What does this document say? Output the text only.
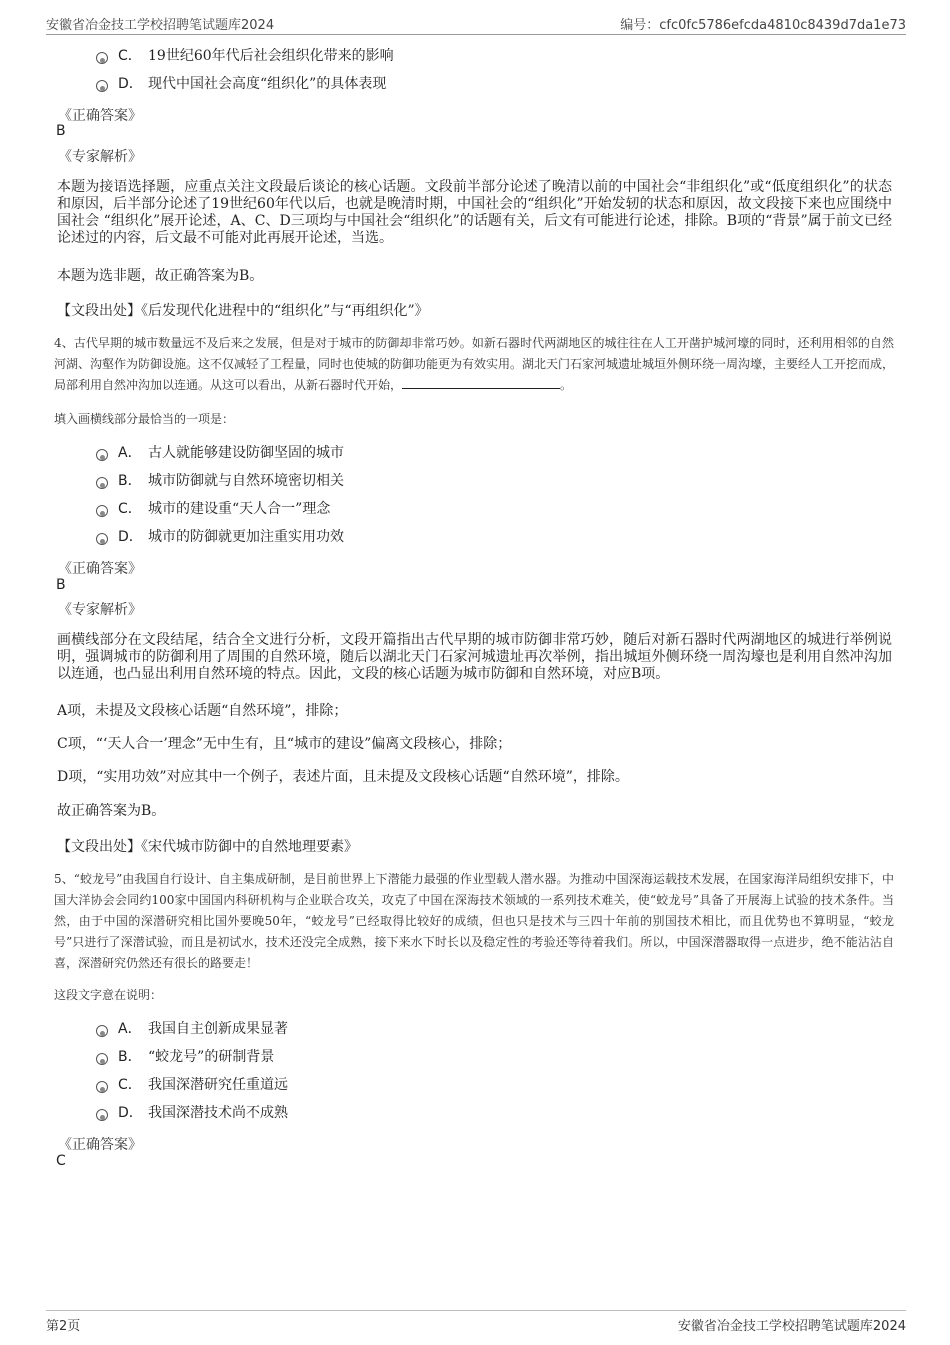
安徽省冶金技工学校招聘笔试题库2024	编号：cfc0fc5786efcda4810c8439d7da1e73
C． 19世纪60年代后社会组织化带来的影响
D． 现代中国社会高度“组织化”的具体表现
《正确答案》
B
《专家解析》
本题为接语选择题，应重点关注文段最后谈论的核心话题。文段前半部分论述了晚清以前的中国社会“非组织化”或“低度组织化”的状态和原因，后半部分论述了19世纪60年代以后，也就是晚清时期，中国社会的“组织化”开始发轫的状态和原因，故文段接下来也应围绕中国社会 “组织化”展开论述，A、C、D三项均与中国社会“组织化”的话题有关，后文有可能进行论述，排除。B项的“背景”属于前文已经论述过的内容，后文最不可能对此再展开论述，当选。
本题为选非题，故正确答案为B。
【文段出处】《后发现代化进程中的“组织化”与“再组织化”》
4、古代早期的城市数量远不及后来之发展，但是对于城市的防御却非常巧妙。如新石器时代两湖地区的城往往在人工开凿护城河壕的同时，还利用相邻的自然河湖、沟壑作为防御设施。这不仅减轻了工程量，同时也使城的防御功能更为有效实用。湖北天门石家河城遗址城垣外侧环绕一周沟壕，主要经人工开挖而成，局部利用自然冲沟加以连通。从这可以看出，从新石器时代开始，	。
填入画横线部分最恰当的一项是：
A． 古人就能够建设防御坚固的城市
B． 城市防御就与自然环境密切相关
C． 城市的建设重“天人合一”理念
D． 城市的防御就更加注重实用功效
《正确答案》
B
《专家解析》
画横线部分在文段结尾，结合全文进行分析，文段开篇指出古代早期的城市防御非常巧妙，随后对新石器时代两湖地区的城进行举例说明，强调城市的防御利用了周围的自然环境，随后以湖北天门石家河城遗址再次举例，指出城垣外侧环绕一周沟壕也是利用自然冲沟加以连通，也凸显出利用自然环境的特点。因此，文段的核心话题为城市防御和自然环境，对应B项。
A项，未提及文段核心话题“自然环境”，排除；
C项，“‘天人合一’理念”无中生有，且“城市的建设”偏离文段核心，排除；
D项，“实用功效”对应其中一个例子，表述片面，且未提及文段核心话题“自然环境”，排除。
故正确答案为B。
【文段出处】《宋代城市防御中的自然地理要素》
5、“蛟龙号”由我国自行设计、自主集成研制，是目前世界上下潜能力最强的作业型载人潜水器。为推动中国深海运载技术发展，在国家海洋局组织安排下，中国大洋协会会同约100家中国国内科研机构与企业联合攻关，攻克了中国在深海技术领域的一系列技术难关，使“蛟龙号”具备了开展海上试验的技术条件。当然，由于中国的深潜研究相比国外要晚50年，“蛟龙号”已经取得比较好的成绩，但也只是技术与三四十年前的别国技术相比，而且优势也不算明显，“蛟龙号”只进行了深潜试验，而且是初试水，技术还没完全成熟，接下来水下时长以及稳定性的考验还等待着我们。所以，中国深潜器取得一点进步，绝不能沾沾自喜，深潜研究仍然还有很长的路要走！
这段文字意在说明：
A． 我国自主创新成果显著
B． “蛟龙号”的研制背景
C． 我国深潜研究任重道远
D． 我国深潜技术尚不成熟
《正确答案》
C
第2页	安徽省冶金技工学校招聘笔试题库2024
